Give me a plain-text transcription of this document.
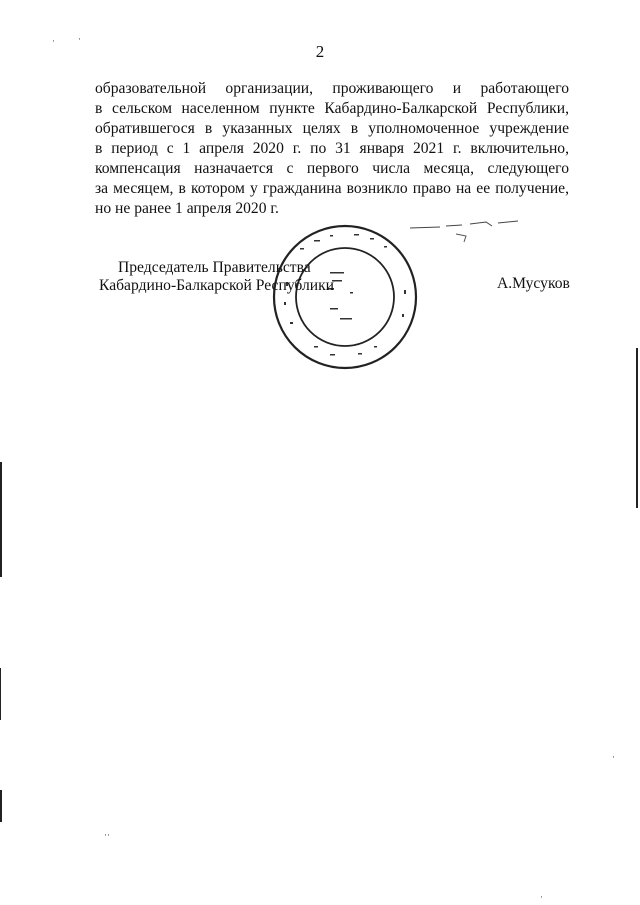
2
образовательной организации, проживающего и работающего
в сельском населенном пункте Кабардино-Балкарской Республики,
обратившегося в указанных целях в уполномоченное учреждение
в период с 1 апреля 2020 г. по 31 января 2021 г. включительно,
компенсация назначается с первого числа месяца, следующего
за месяцем, в котором у гражданина возникло право на ее получение,
но не ранее 1 апреля 2020 г.
Председатель Правительства
Кабардино-Балкарской Республики	А.Мусуков
·	·
··
·
·
